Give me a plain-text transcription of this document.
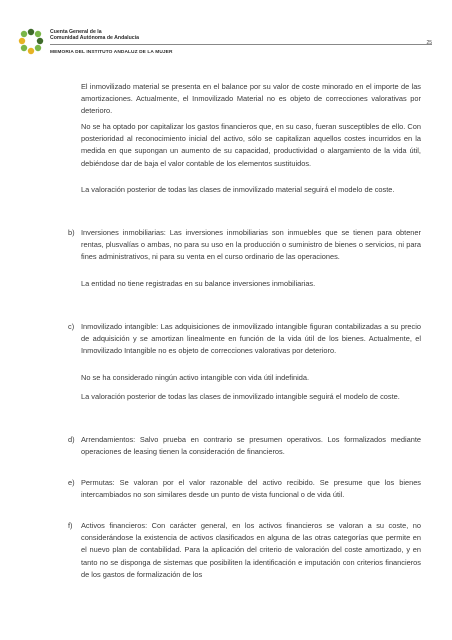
Cuenta General de la
Comunidad Autónoma de Andalucía
25
MEMORIA DEL INSTITUTO ANDALUZ DE LA MUJER
El inmovilizado material se presenta en el balance por su valor de coste minorado en el importe de las amortizaciones. Actualmente, el Inmovilizado Material no es objeto de correcciones valorativas por deterioro.
No se ha optado por capitalizar los gastos financieros que, en su caso, fueran susceptibles de ello. Con posterioridad al reconocimiento inicial del activo, sólo se capitalizan aquellos costes incurridos en la medida en que supongan un aumento de su capacidad, productividad o alargamiento de la vida útil, debiéndose dar de baja el valor contable de los elementos sustituidos.
La valoración posterior de todas las clases de inmovilizado material seguirá el modelo de coste.
b) Inversiones inmobiliarias: Las inversiones inmobiliarias son inmuebles que se tienen para obtener rentas, plusvalías o ambas, no para su uso en la producción o suministro de bienes o servicios, ni para fines administrativos, ni para su venta en el curso ordinario de las operaciones.
La entidad no tiene registradas en su balance inversiones inmobiliarias.
c) Inmovilizado intangible: Las adquisiciones de inmovilizado intangible figuran contabilizadas a su precio de adquisición y se amortizan linealmente en función de la vida útil de los bienes. Actualmente, el Inmovilizado Intangible no es objeto de correcciones valorativas por deterioro.
No se ha considerado ningún activo intangible con vida útil indefinida.
La valoración posterior de todas las clases de inmovilizado intangible seguirá el modelo de coste.
d) Arrendamientos: Salvo prueba en contrario se presumen operativos. Los formalizados mediante operaciones de leasing tienen la consideración de financieros.
e) Permutas: Se valoran por el valor razonable del activo recibido. Se presume que los bienes intercambiados no son similares desde un punto de vista funcional o de vida útil.
f) Activos financieros: Con carácter general, en los activos financieros se valoran a su coste, no considerándose la existencia de activos clasificados en alguna de las otras categorías que permite en el nuevo plan de contabilidad. Para la aplicación del criterio de valoración del coste amortizado, y en tanto no se disponga de sistemas que posibiliten la identificación e imputación con criterios financieros de los gastos de formalización de los
